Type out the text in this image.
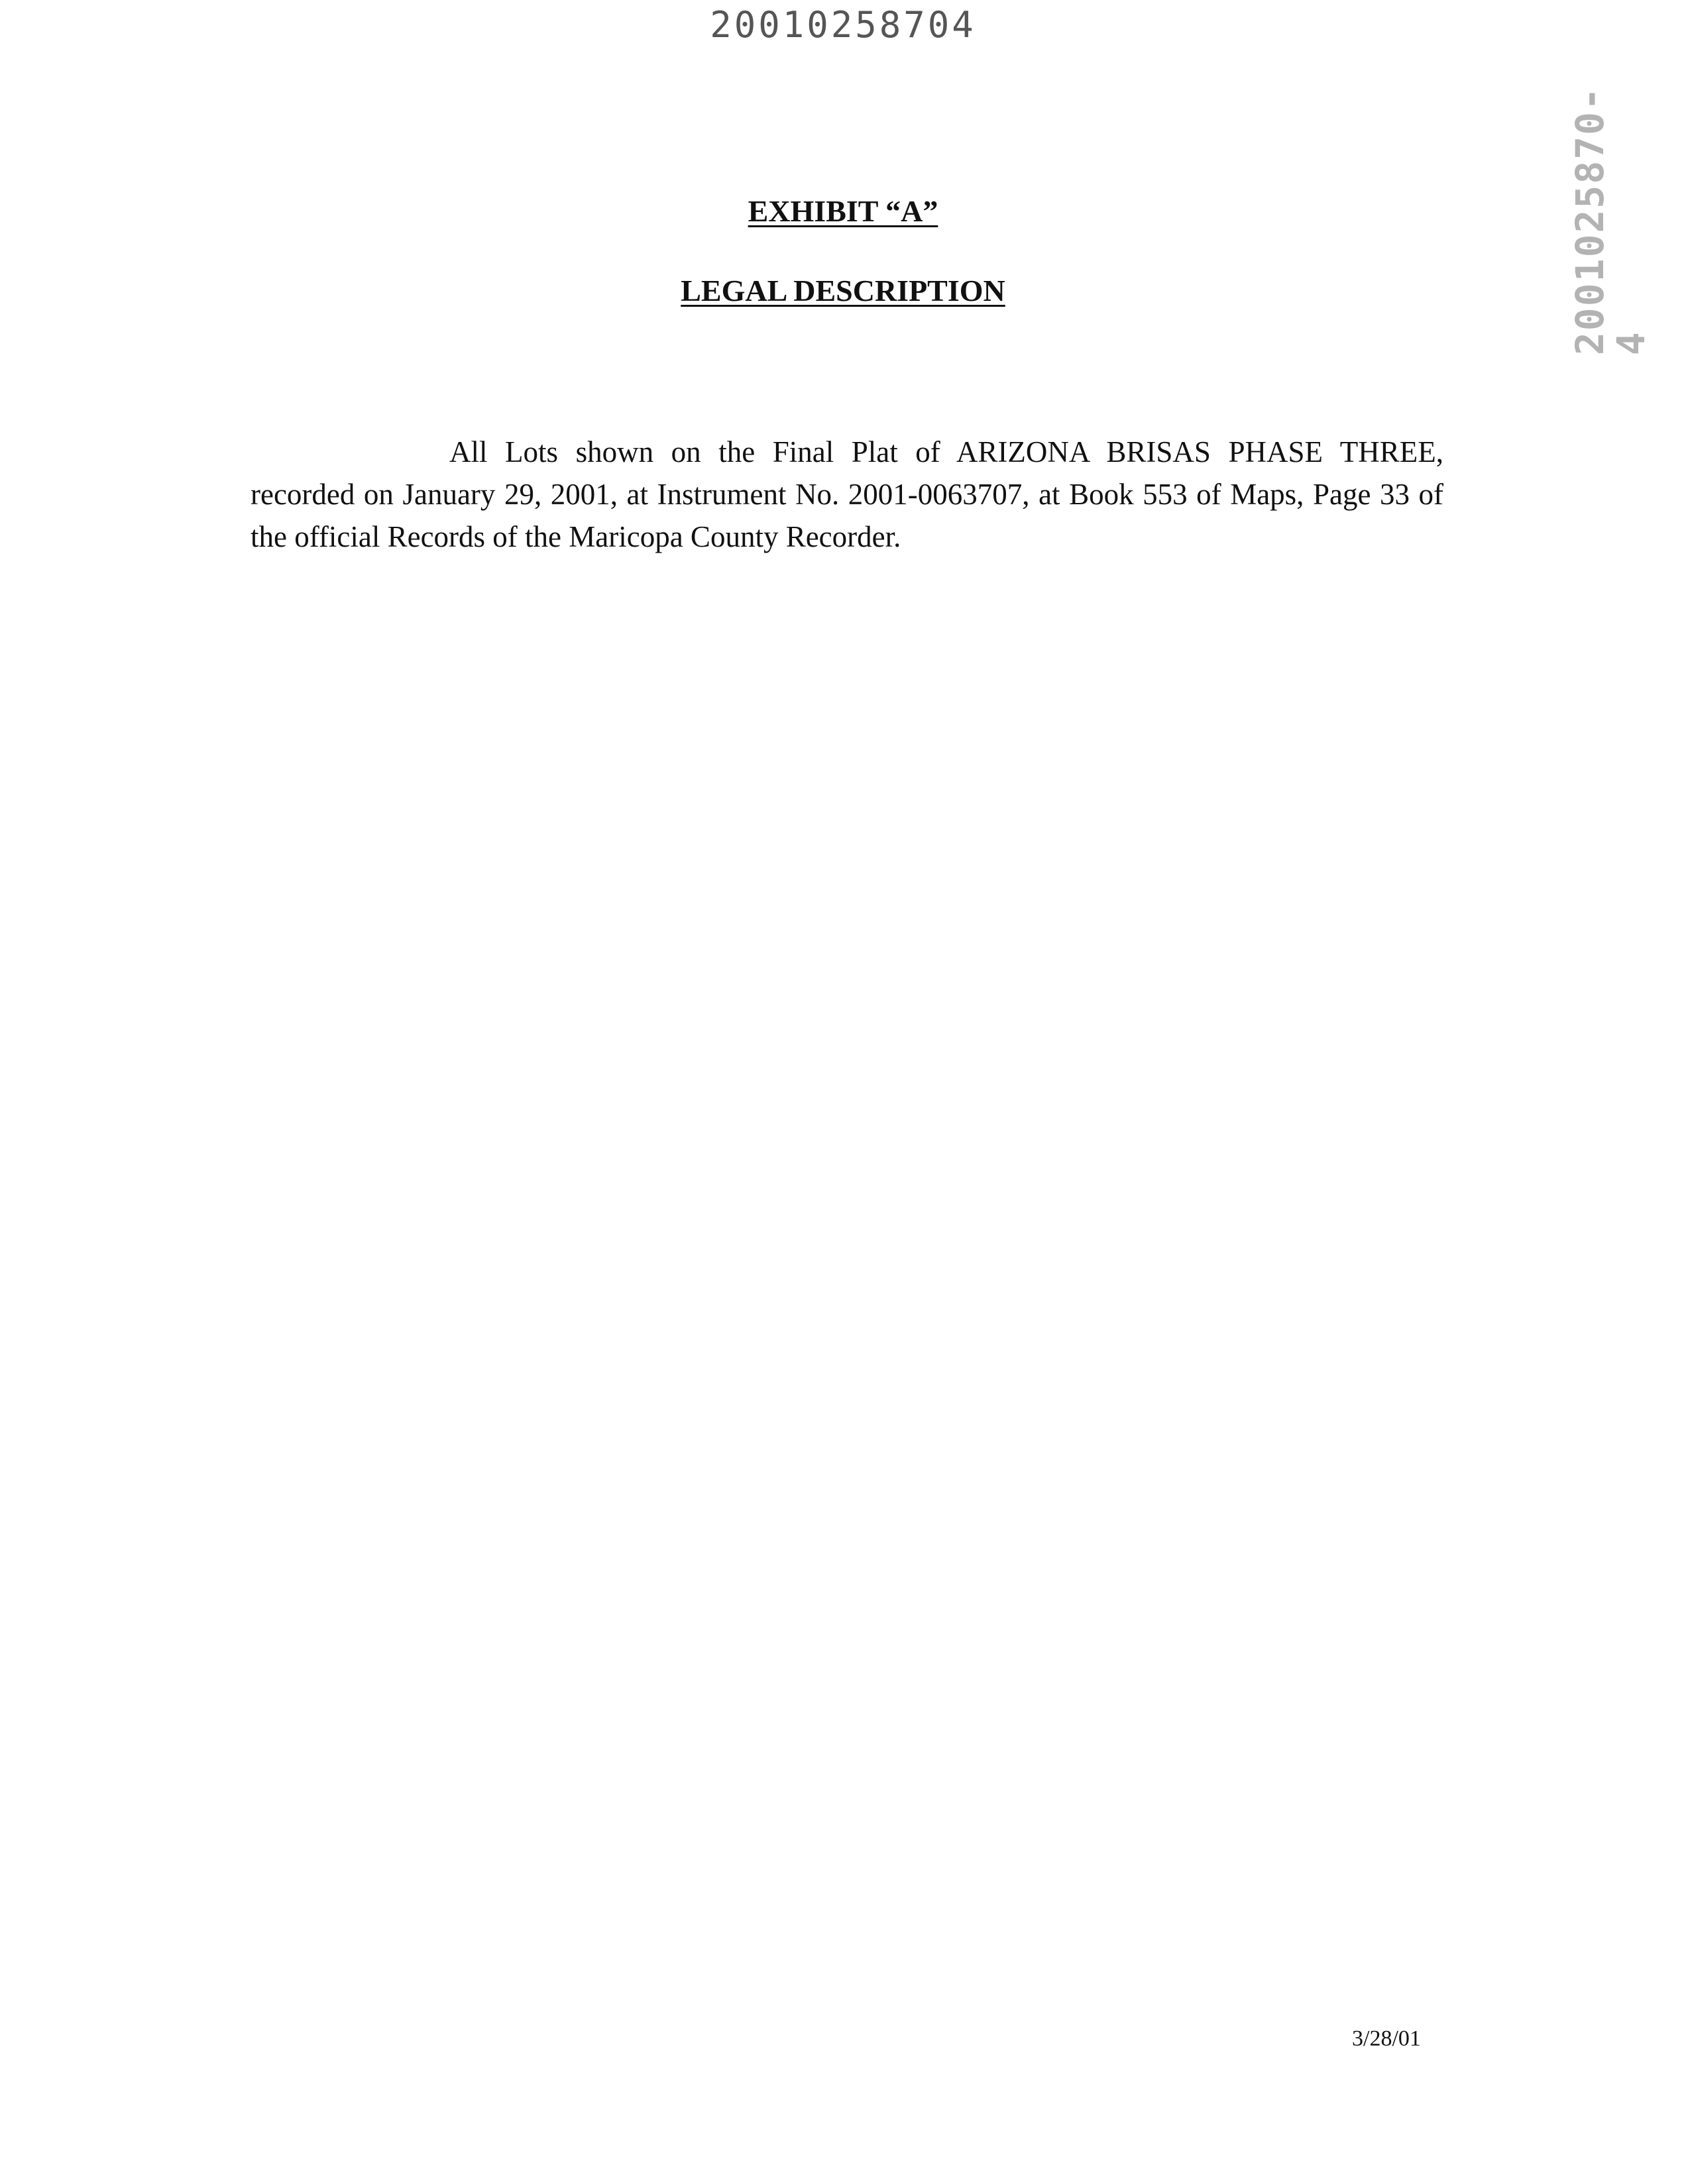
20010258704
2001025870-4
EXHIBIT “A”
LEGAL DESCRIPTION

All Lots shown on the Final Plat of ARIZONA BRISAS PHASE THREE, recorded on January 29, 2001, at Instrument No. 2001-0063707, at Book 553 of Maps, Page 33 of the official Records of the Maricopa County Recorder.

3/28/01
